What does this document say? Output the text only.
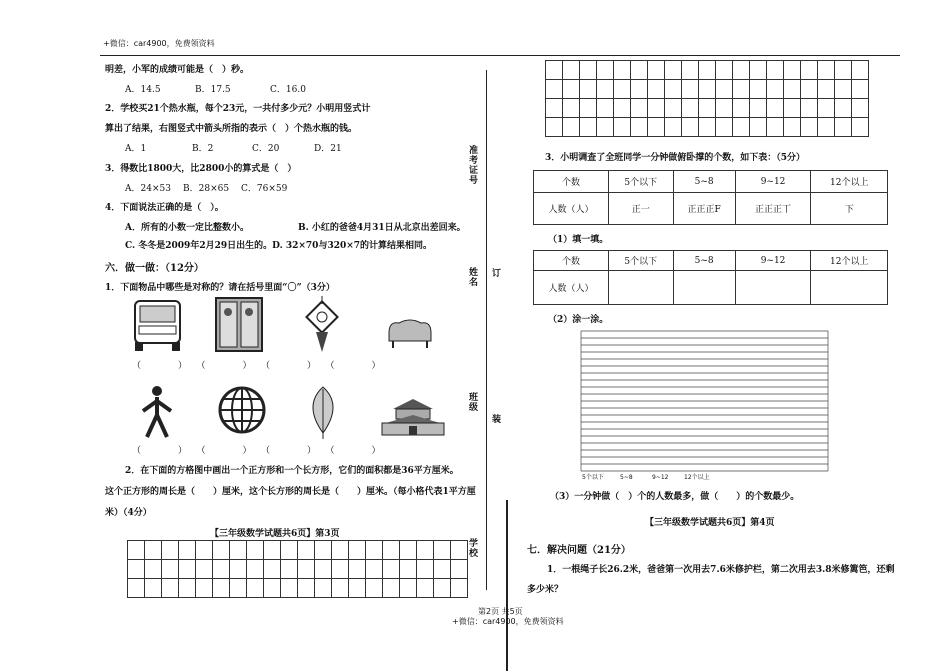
+微信：car4900，免费领资料
明差，小军的成绩可能是（　）秒。
A．14.5	B．17.5	C．16.0
2．学校买21个热水瓶，每个23元，一共付多少元？小明用竖式计
算出了结果，右图竖式中箭头所指的表示（　）个热水瓶的钱。
A．1	B．2	C．20	D．21
3．得数比1800大，比2800小的算式是（　）
A．24×53	B．28×65	C．76×59
4．下面说法正确的是（　）。
A．所有的小数一定比整数小。	B. 小红的爸爸4月31日从北京出差回来。
C. 冬冬是2009年2月29日出生的。D. 32×70与320×7的计算结果相同。
六．做一做：（12分）
1．下面物品中哪些是对称的？请在括号里面“〇”（3分）
（　）（　）（　）（　）
（　）（　）（　）（　）
2．在下面的方格图中画出一个正方形和一个长方形，它们的面积都是36平方厘米。
这个正方形的周长是（　　）厘米，这个长方形的周长是（　　）厘米。（每小格代表1平方厘
米）（4分）
【三年级数学试题共6页】第3页

准考证号
姓名 订
班级
装
学校

3．小明调查了全班同学一分钟做俯卧撑的个数，如下表：（5分）
个数	5个以下	5~8	9~12	12个以上
人数（人）	正一	正正正F	正正正丅	下
（1）填一填。
个数	5个以下	5~8	9~12	12个以上
人数（人）				
（2）涂一涂。
5个以下	5~8	9~12	12个以上
（3）一分钟做（　）个的人数最多，做（　　）的个数最少。
【三年级数学试题共6页】第4页
七．解决问题（21分）
1．一根绳子长26.2米，爸爸第一次用去7.6米修护栏，第二次用去3.8米修篱笆，还剩
多少米？
第2页 共5页
+微信：car4900，免费领资料
